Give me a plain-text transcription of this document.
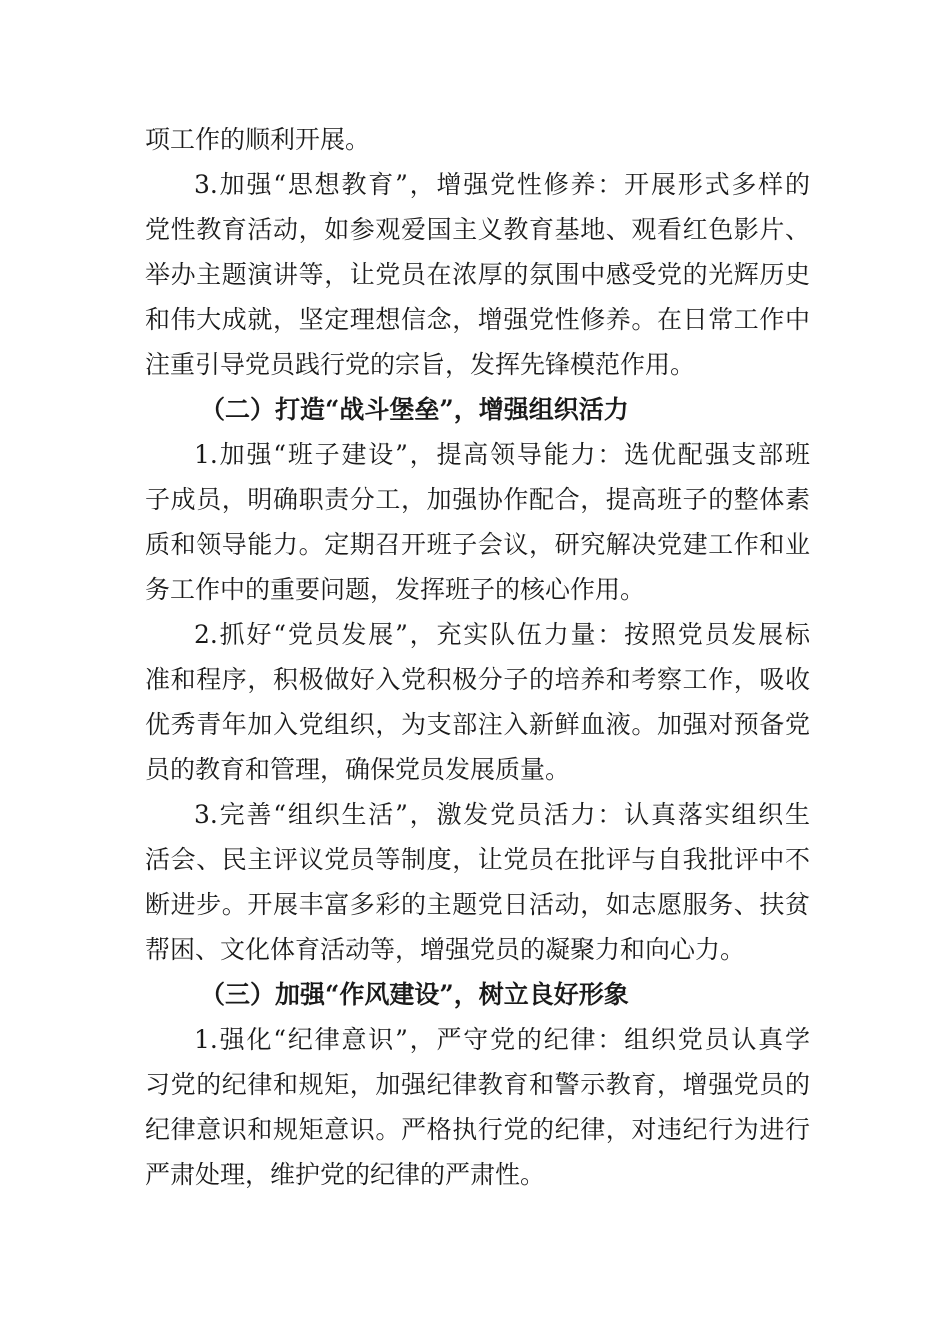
项工作的顺利开展。
3.加强“思想教育”，增强党性修养：开展形式多样的
党性教育活动，如参观爱国主义教育基地、观看红色影片、
举办主题演讲等，让党员在浓厚的氛围中感受党的光辉历史
和伟大成就，坚定理想信念，增强党性修养。在日常工作中
注重引导党员践行党的宗旨，发挥先锋模范作用。
（二）打造“战斗堡垒”，增强组织活力
1.加强“班子建设”，提高领导能力：选优配强支部班
子成员，明确职责分工，加强协作配合，提高班子的整体素
质和领导能力。定期召开班子会议，研究解决党建工作和业
务工作中的重要问题，发挥班子的核心作用。
2.抓好“党员发展”，充实队伍力量：按照党员发展标
准和程序，积极做好入党积极分子的培养和考察工作，吸收
优秀青年加入党组织，为支部注入新鲜血液。加强对预备党
员的教育和管理，确保党员发展质量。
3.完善“组织生活”，激发党员活力：认真落实组织生
活会、民主评议党员等制度，让党员在批评与自我批评中不
断进步。开展丰富多彩的主题党日活动，如志愿服务、扶贫
帮困、文化体育活动等，增强党员的凝聚力和向心力。
（三）加强“作风建设”，树立良好形象
1.强化“纪律意识”，严守党的纪律：组织党员认真学
习党的纪律和规矩，加强纪律教育和警示教育，增强党员的
纪律意识和规矩意识。严格执行党的纪律，对违纪行为进行
严肃处理，维护党的纪律的严肃性。
